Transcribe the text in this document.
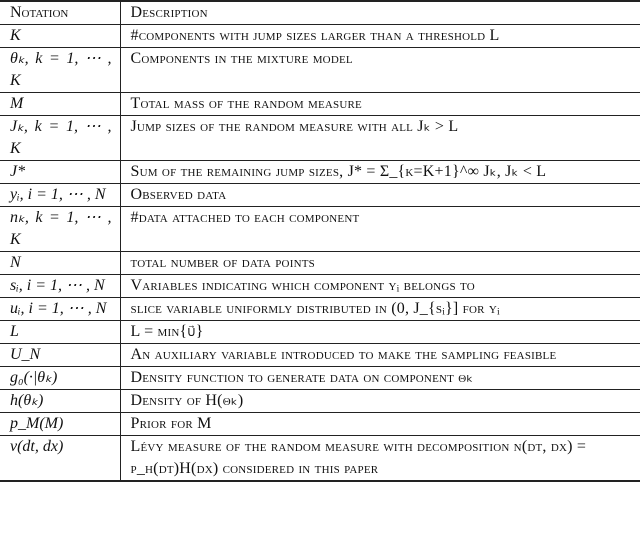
Notation	Description
K	#components with jump sizes larger than a threshold L
θₖ, k = 1, ⋯ , K	Components in the mixture model
M	Total mass of the random measure
Jₖ, k = 1, ⋯ , K	Jump sizes of the random measure with all Jₖ > L
J*	Sum of the remaining jump sizes, J* = Σ_{k=K+1}^∞ Jₖ, Jₖ < L
yᵢ, i = 1, ⋯ , N	Observed data
nₖ, k = 1, ⋯ , K	#data attached to each component
N	total number of data points
sᵢ, i = 1, ⋯ , N	Variables indicating which component yᵢ belongs to
uᵢ, i = 1, ⋯ , N	slice variable uniformly distributed in (0, J_{sᵢ}] for yᵢ
L	L = min{u⃗}
U_N	An auxiliary variable introduced to make the sampling feasible
g₀(·|θₖ)	Density function to generate data on component θₖ
h(θₖ)	Density of H(θₖ)
p_M(M)	Prior for M
ν(dt, dx)	Lévy measure of the random measure with decomposition ν(dt, dx) = ρ_η(dt)H(dx) considered in this paper
